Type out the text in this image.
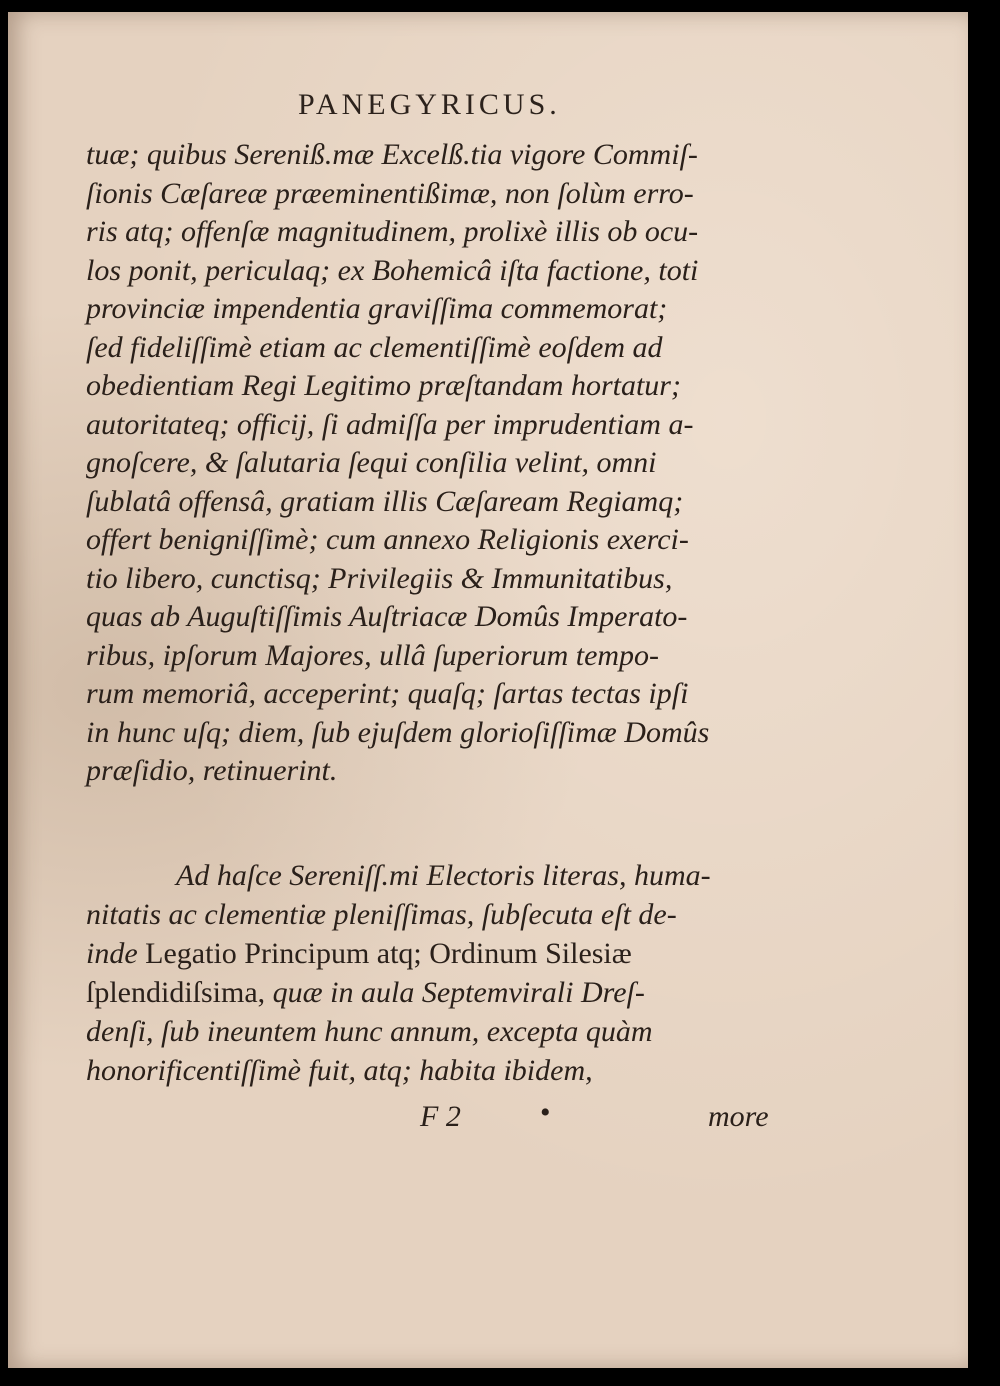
PANEGYRICUS.
tuæ; quibus Sereniß.mæ Excelß.tia vigore Commiſ-
ſionis Cæſareæ præeminentißimæ, non ſolùm erro-
ris atq; offenſæ magnitudinem, prolixè illis ob ocu-
los ponit, periculaq; ex Bohemicâ iſta factione, toti
provinciæ impendentia graviſſima commemorat;
ſed fideliſſimè etiam ac clementiſſimè eoſdem ad
obedientiam Regi Legitimo præſtandam hortatur;
autoritateq; officij, ſi admiſſa per imprudentiam a-
gnoſcere, & ſalutaria ſequi conſilia velint, omni
ſublatâ offensâ, gratiam illis Cæſaream Regiamq;
offert benigniſſimè; cum annexo Religionis exerci-
tio libero, cunctisq; Privilegiis & Immunitatibus,
quas ab Auguſtiſſimis Auſtriacæ Domûs Imperato-
ribus, ipſorum Majores, ullâ ſuperiorum tempo-
rum memoriâ, acceperint; quaſq; ſartas tectas ipſi
in hunc uſq; diem, ſub ejuſdem glorioſiſſimæ Domûs
præſidio, retinuerint.
Ad haſce Sereniſſ.mi Electoris literas, huma-
nitatis ac clementiæ pleniſſimas, ſubſecuta eſt de-
inde Legatio Principum atq; Ordinum Silesiæ
ſplendidiſsima, quæ in aula Septemvirali Dreſ-
denſi, ſub ineuntem hunc annum, excepta quàm
honorificentiſſimè fuit, atq; habita ibidem,
F 2	•	more
